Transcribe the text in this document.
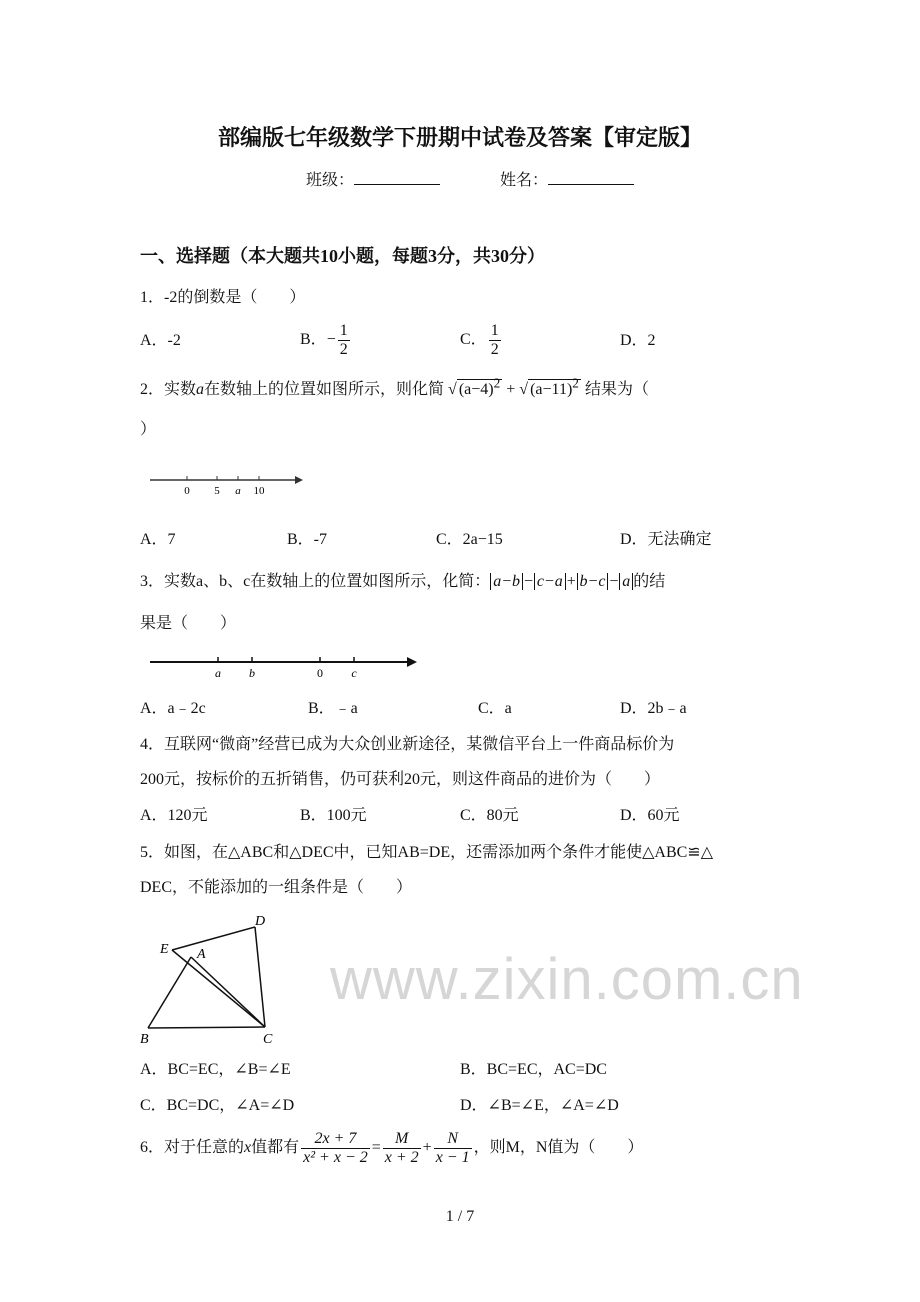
www.zixin.com.cn
部编版七年级数学下册期中试卷及答案【审定版】
班级：	姓名：
一、选择题（本大题共10小题，每题3分，共30分）
1．-2的倒数是（　　）
A．-2	B．− $\frac{1}{2}$	C． $\frac{1}{2}$	D．2
2．实数a在数轴上的位置如图所示，则化简 √ $(a-4)^2$ + √ $(a-11)^2$ 结果为（
）
0 5 a 10
A．7	B．-7	C．2a−15	D．无法确定
3．实数a、b、c在数轴上的位置如图所示，化简： a−b − c−a + b−c − a 的结
果是（　　）
a b	0 c
A．a﹣2c	B．﹣a	C．a	D．2b﹣a
4．互联网“微商”经营已成为大众创业新途径，某微信平台上一件商品标价为
200元，按标价的五折销售，仍可获利20元，则这件商品的进价为（　　）
A．120元	B．100元	C．80元	D．60元
5．如图，在△ABC和△DEC中，已知AB=DE，还需添加两个条件才能使△ABC≌△
DEC，不能添加的一组条件是（　　）
E A
D
B	C
A．BC=EC，∠B=∠E	B．BC=EC，AC=DC
C．BC=DC，∠A=∠D	D．∠B=∠E，∠A=∠D
6．对于任意的x值都有 $\frac{2x + 7}{\text{x² + x − 2}} = \frac{M}{x + 2} + \frac{N}{x - 1}$ ，则M，N值为（　　）
1 / 7
